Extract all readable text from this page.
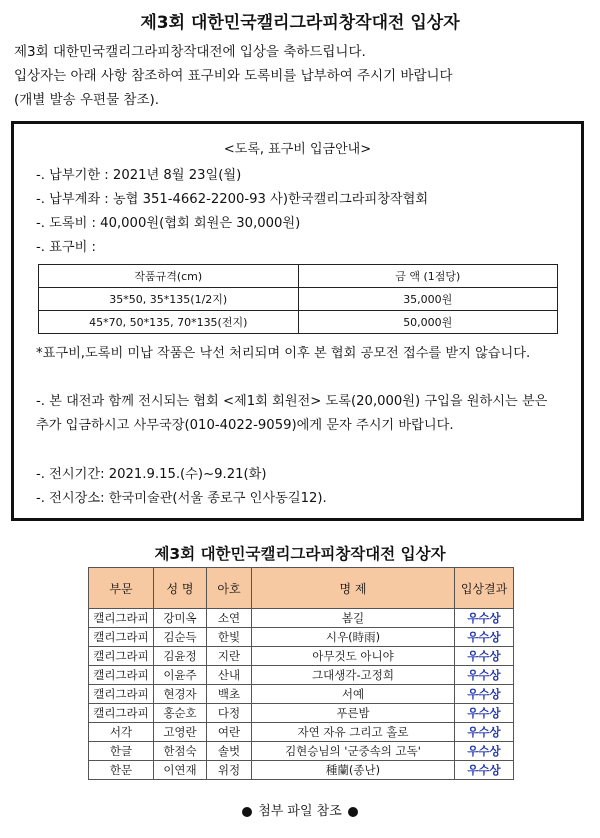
제3회 대한민국캘리그라피창작대전 입상자
제3회 대한민국캘리그라피창작대전에 입상을 축하드립니다.
입상자는 아래 사항 참조하여 표구비와 도록비를 납부하여 주시기 바랍니다
(개별 발송 우편물 참조).
<도록, 표구비 입금안내>
-. 납부기한 : 2021년 8월 23일(월)
-. 납부계좌 : 농협 351-4662-2200-93 사)한국캘리그라피창작협회
-. 도록비 : 40,000원(협회 회원은 30,000원)
-. 표구비 :
작품규격(cm)	금 액 (1점당)
35*50, 35*135(1/2지)	35,000원
45*70, 50*135, 70*135(전지)	50,000원
*표구비,도록비 미납 작품은 낙선 처리되며 이후 본 협회 공모전 접수를 받지 않습니다.
-. 본 대전과 함께 전시되는 협회 <제1회 회원전> 도록(20,000원) 구입을 원하시는 분은 추가 입금하시고 사무국장(010-4022-9059)에게 문자 주시기 바랍니다.
-. 전시기간: 2021.9.15.(수)~9.21(화)
-. 전시장소: 한국미술관(서울 종로구 인사동길12).
제3회 대한민국캘리그라피창작대전 입상자
부문	성 명	아호	명 제	입상결과
캘리그라피	강미옥	소연	봄길	우수상
캘리그라피	김순득	한빛	시우(時雨)	우수상
캘리그라피	김윤정	지란	아무것도 아니야	우수상
캘리그라피	이윤주	산내	그대생각-고정희	우수상
캘리그라피	현경자	백초	서예	우수상
캘리그라피	홍순호	다정	푸른밤	우수상
서각	고영란	여란	자연 자유 그리고 홀로	우수상
한글	한점숙	솔벗	김현승님의 '군중속의 고독'	우수상
한문	이연재	위정	種蘭(종난)	우수상
첨부 파일 참조
